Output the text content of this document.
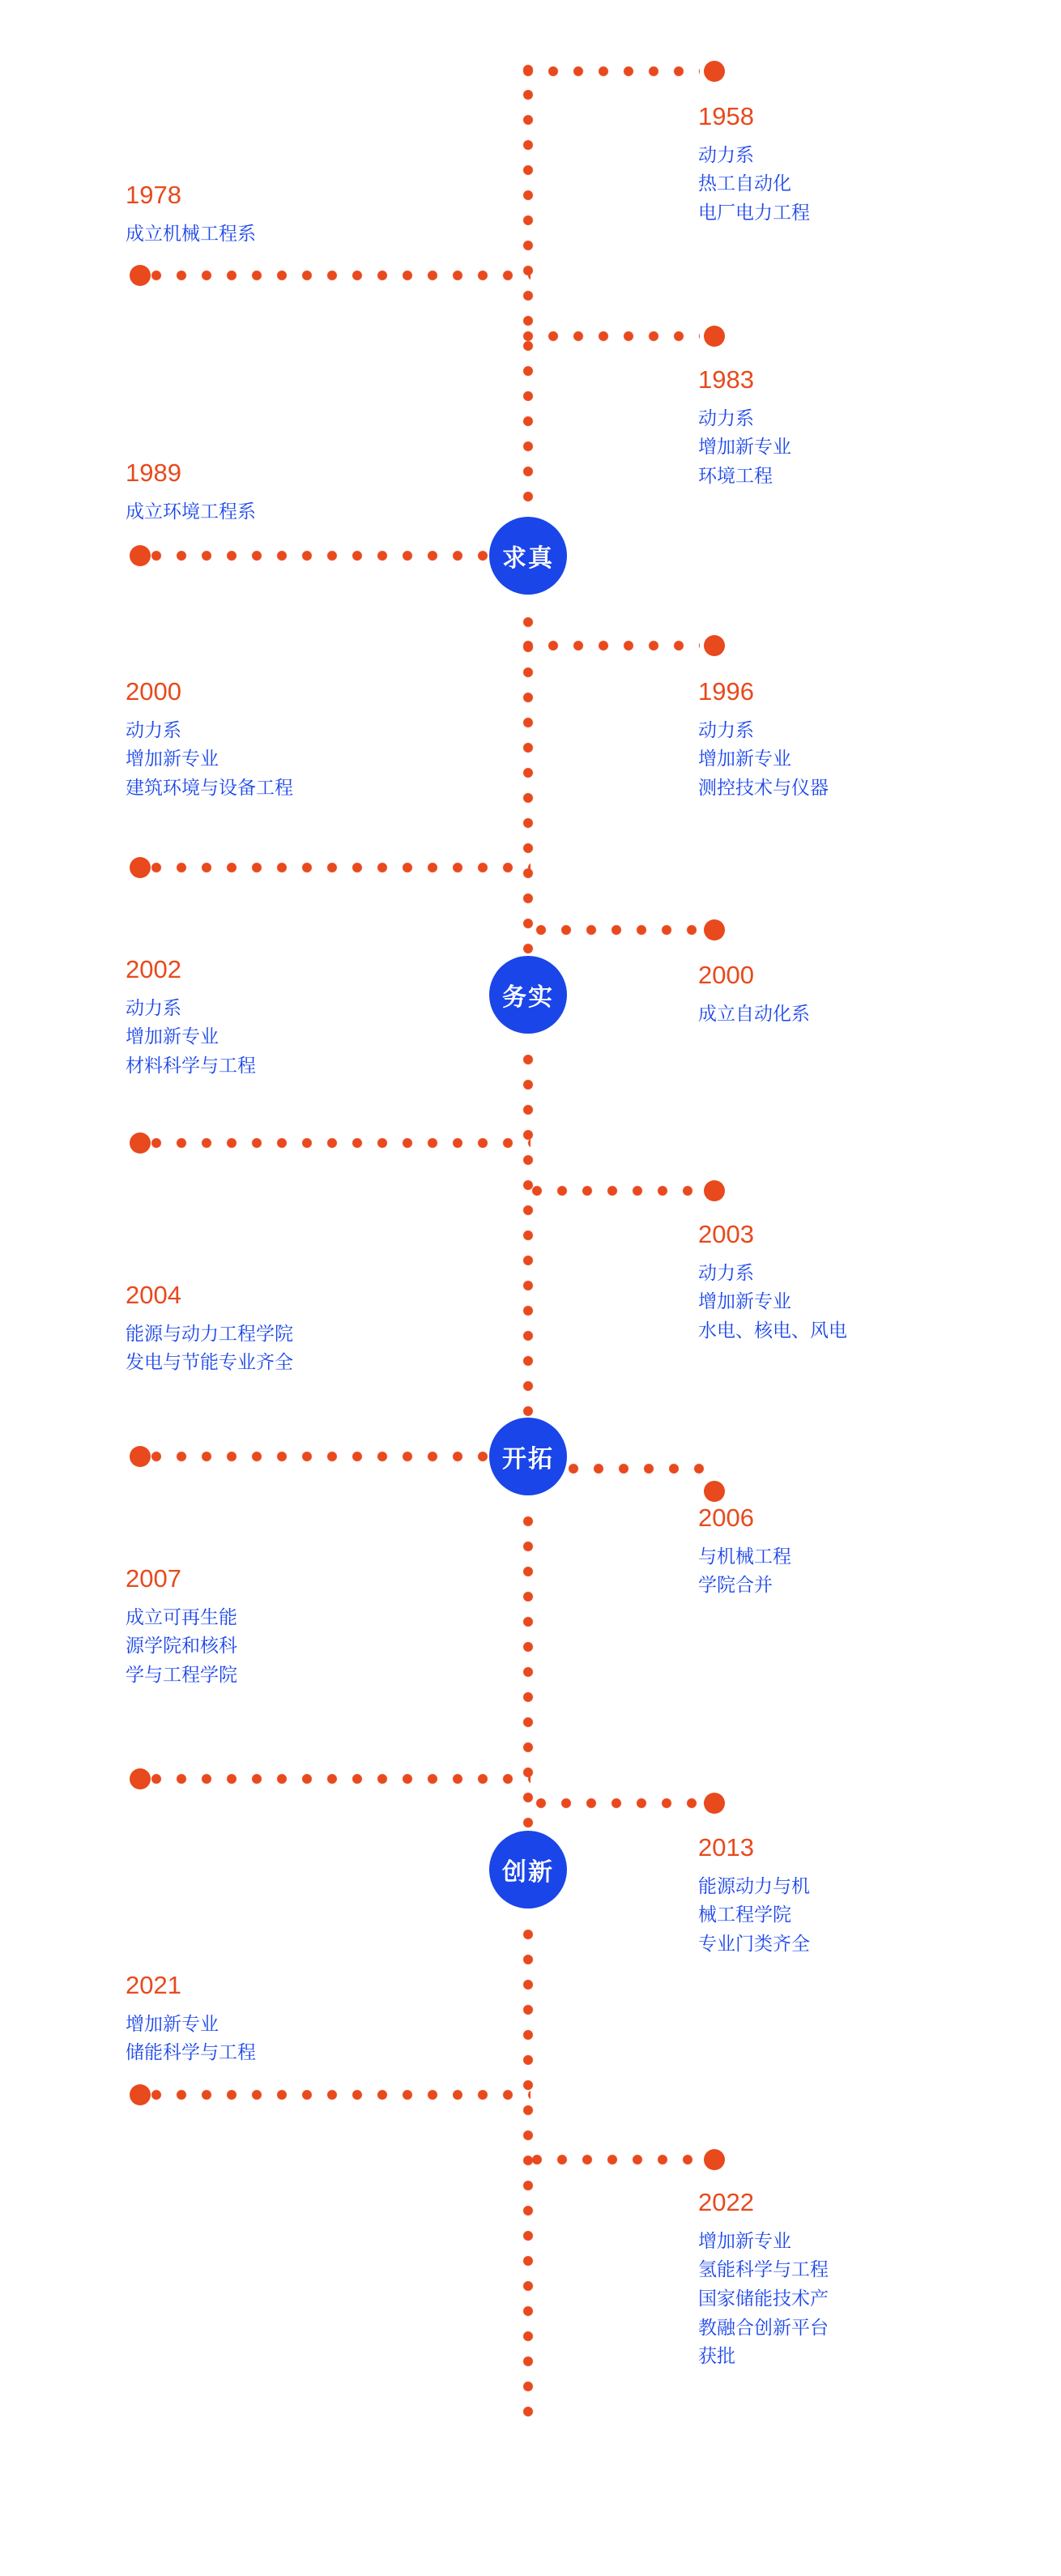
求真
务实
开拓
创新
1958
动力系
热工自动化
电厂电力工程
1978
成立机械工程系
1983
动力系
增加新专业
环境工程
1989
成立环境工程系
1996
动力系
增加新专业
测控技术与仪器
2000
动力系
增加新专业
建筑环境与设备工程
2000
成立自动化系
2002
动力系
增加新专业
材料科学与工程
2003
动力系
增加新专业
水电、核电、风电
2004
能源与动力工程学院
发电与节能专业齐全
2006
与机械工程
学院合并
2007
成立可再生能
源学院和核科
学与工程学院
2013
能源动力与机
械工程学院
专业门类齐全
2021
增加新专业
储能科学与工程
2022
增加新专业
氢能科学与工程
国家储能技术产
教融合创新平台
获批
